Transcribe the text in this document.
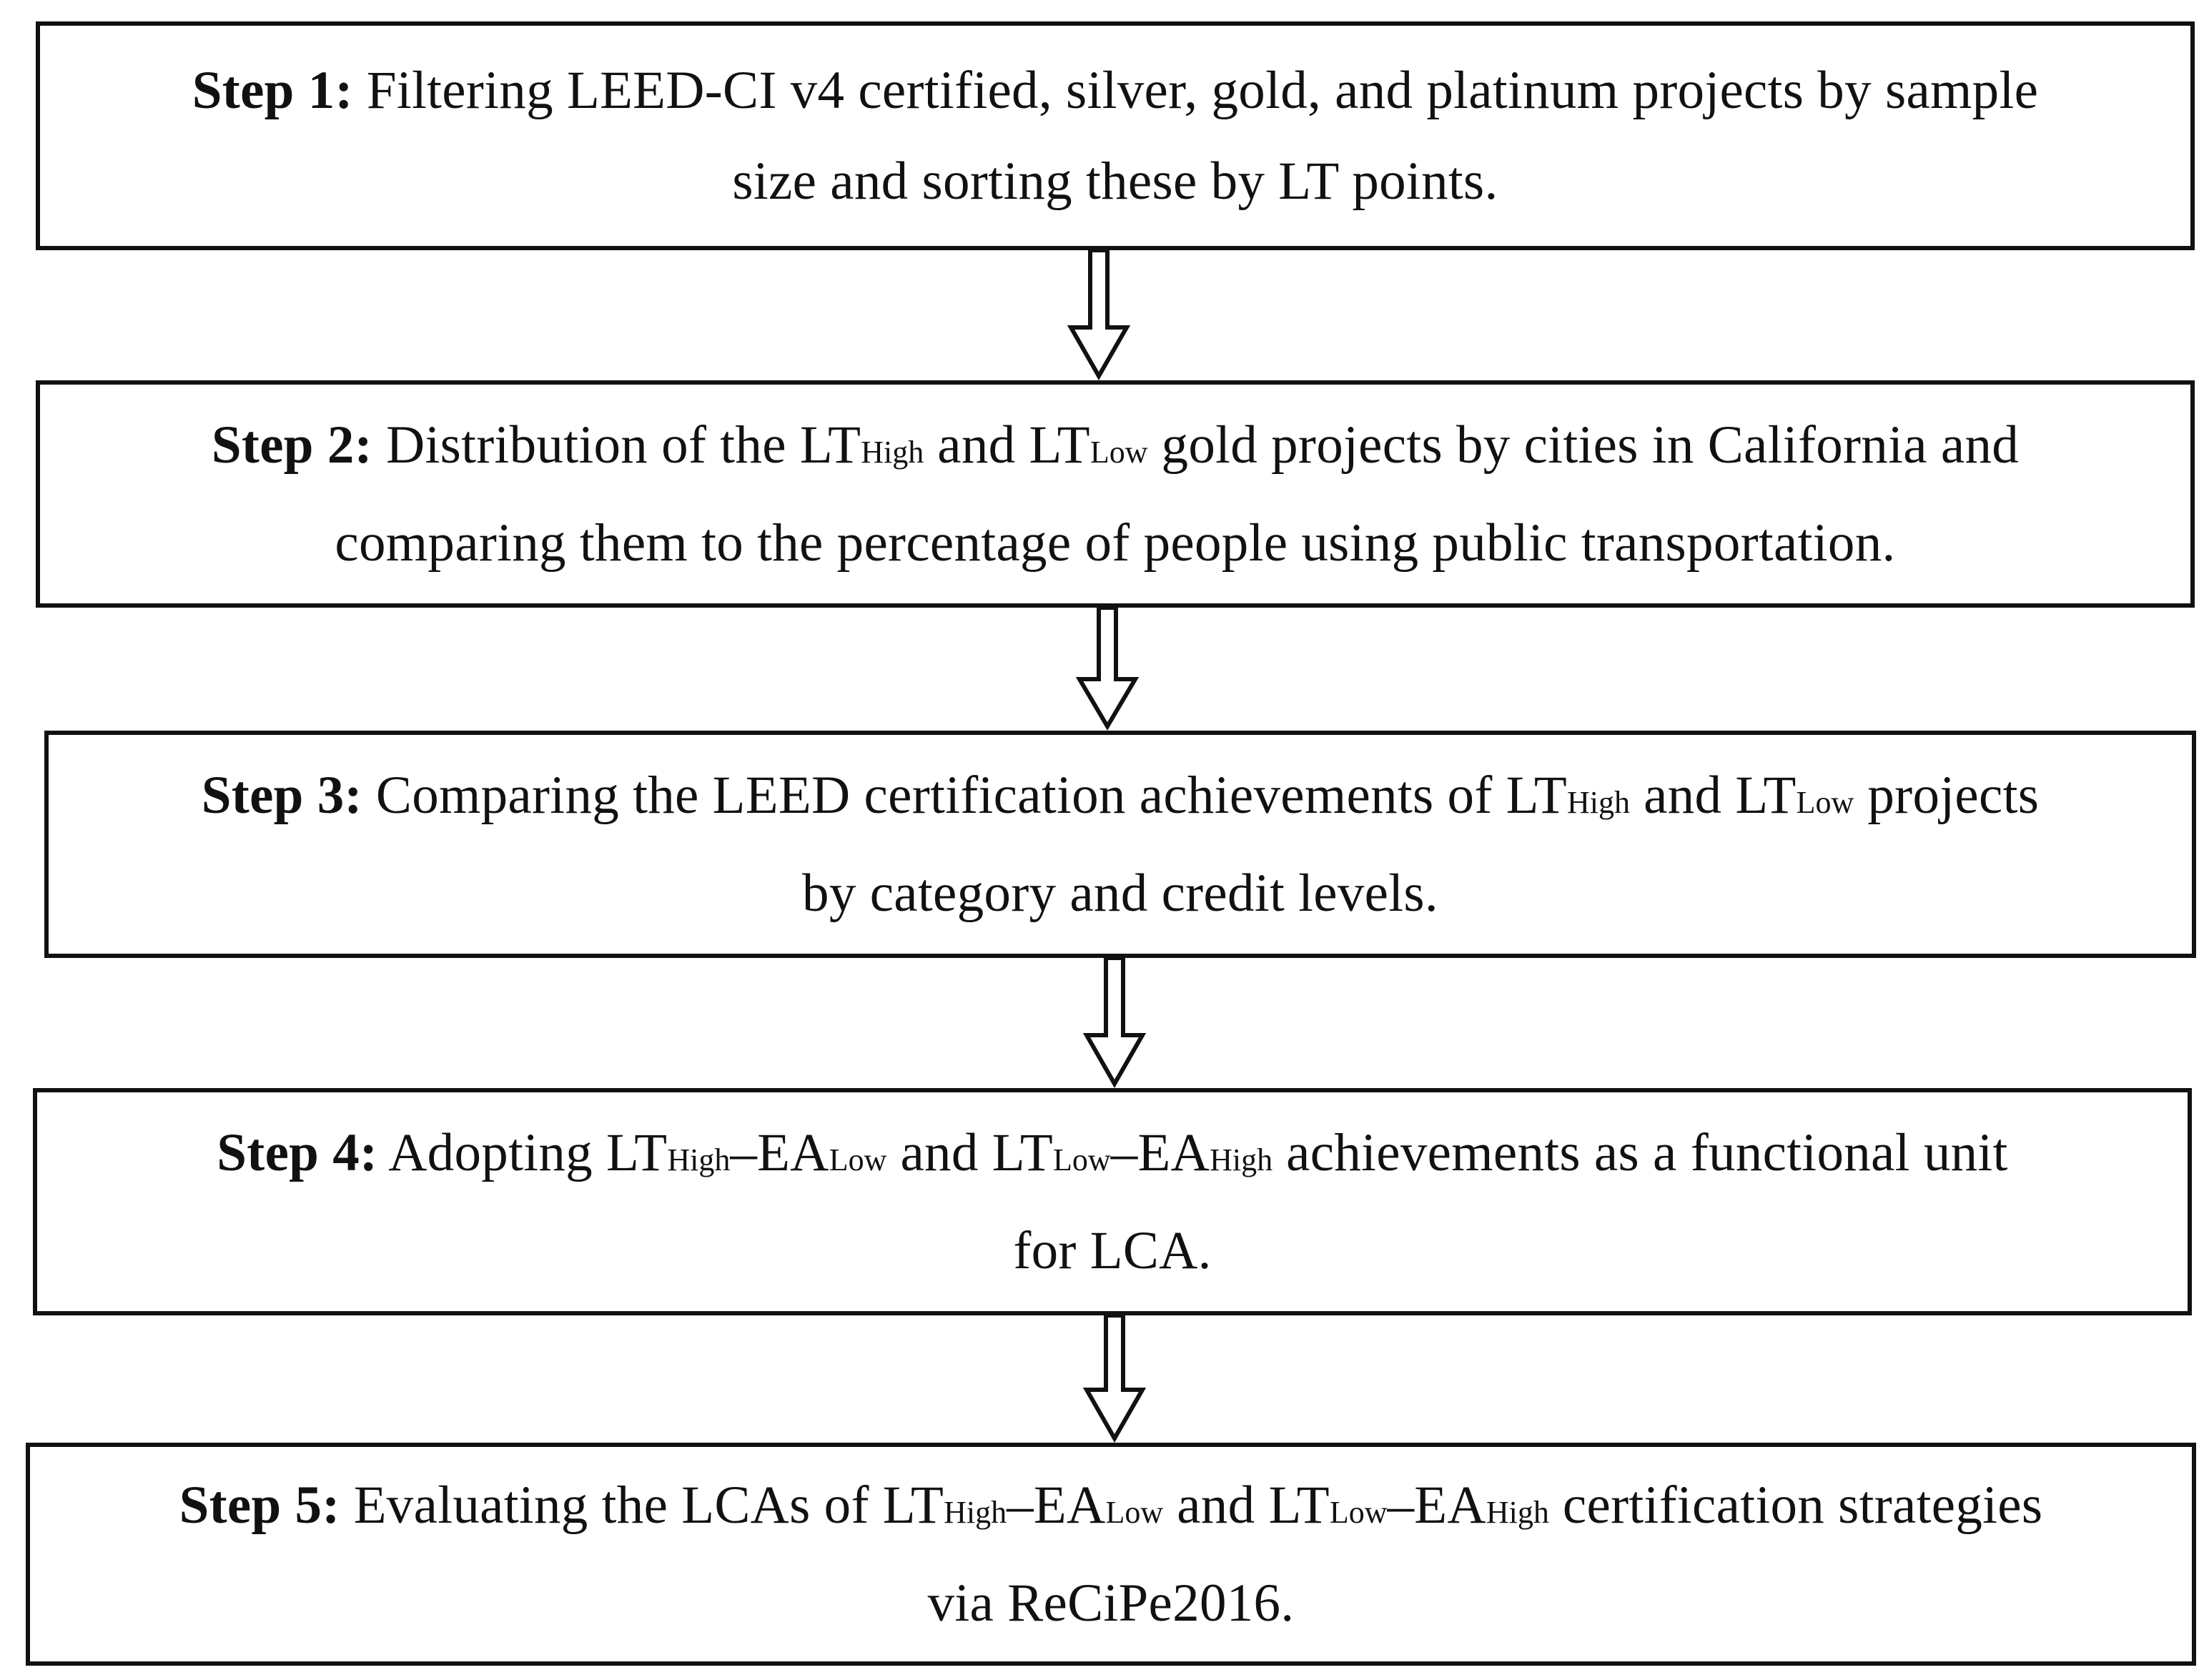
Step 1: Filtering LEED-CI v4 certified, silver, gold, and platinum projects by sample
size and sorting these by LT points.

Step 2: Distribution of the LTHigh and LTLow gold projects by cities in California and
comparing them to the percentage of people using public transportation.

Step 3: Comparing the LEED certification achievements of LTHigh and LTLow projects
by category and credit levels.

Step 4: Adopting LTHigh–EALow and LTLow–EAHigh achievements as a functional unit
for LCA.

Step 5: Evaluating the LCAs of LTHigh–EALow and LTLow–EAHigh certification strategies
via ReCiPe2016.
